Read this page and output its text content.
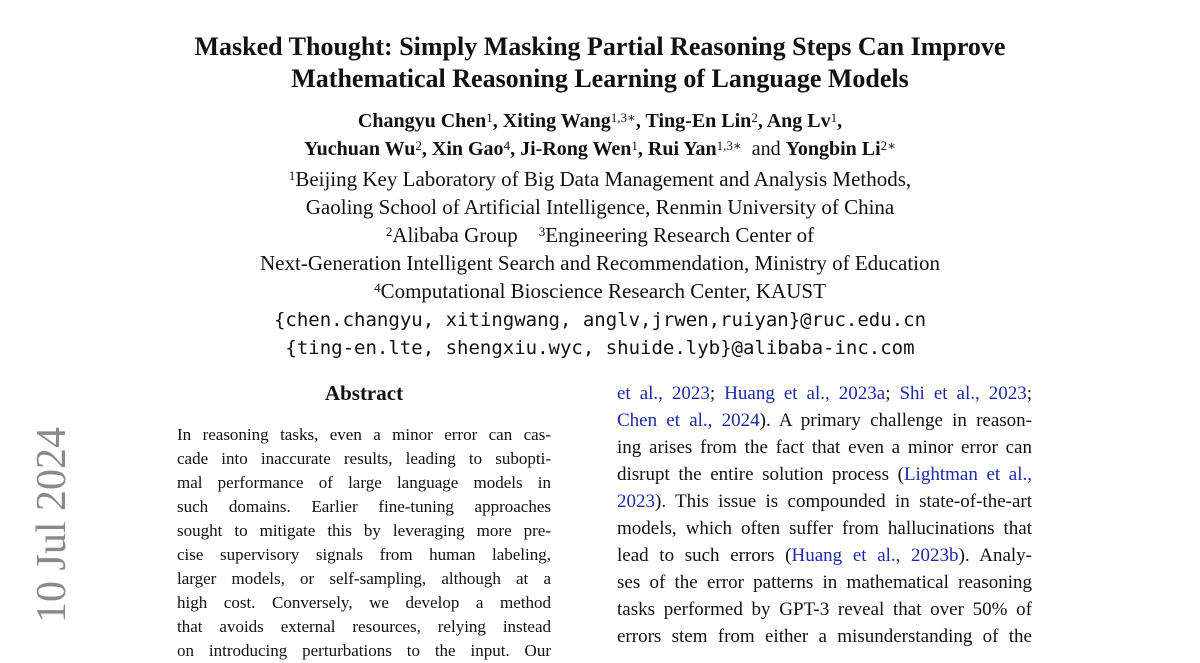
Masked Thought: Simply Masking Partial Reasoning Steps Can Improve
Mathematical Reasoning Learning of Language Models
Changyu Chen$^1$, Xiting Wang$^{1,3∗}$, Ting-En Lin$^2$, Ang Lv$^1$,
Yuchuan Wu$^2$, Xin Gao$^4$, Ji-Rong Wen$^1$, Rui Yan$^{1,3∗}$ and Yongbin $Li^{2∗}$
$^1$Beijing Key Laboratory of Big Data Management and Analysis Methods,
Gaoling School of Artificial Intelligence, Renmin University of China
$^2$Alibaba Group $^3$Engineering Research Center of
Next-Generation Intelligent Search and Recommendation, Ministry of Education
$^4$Computational Bioscience Research Center, KAUST
{chen.changyu, xitingwang, anglv,jrwen,ruiyan}@ruc.edu.cn
{ting-en.lte, shengxiu.wyc, shuide.lyb}@alibaba-inc.com
10 Jul 2024
Abstract
In reasoning tasks, even a minor error can cas-
cade into inaccurate results, leading to subopti-
mal performance of large language models in
such domains. Earlier fine-tuning approaches
sought to mitigate this by leveraging more pre-
cise supervisory signals from human labeling,
larger models, or self-sampling, although at a
high cost. Conversely, we develop a method
that avoids external resources, relying instead
on introducing perturbations to the input. Our
et al., 2023; Huang et al., 2023a; Shi et al., 2023;
Chen et al., 2024). A primary challenge in reason-
ing arises from the fact that even a minor error can
disrupt the entire solution process (Lightman et al.,
2023). This issue is compounded in state-of-the-art
models, which often suffer from hallucinations that
lead to such errors (Huang et al., 2023b). Analy-
ses of the error patterns in mathematical reasoning
tasks performed by GPT-3 reveal that over 50% of
errors stem from either a misunderstanding of the
